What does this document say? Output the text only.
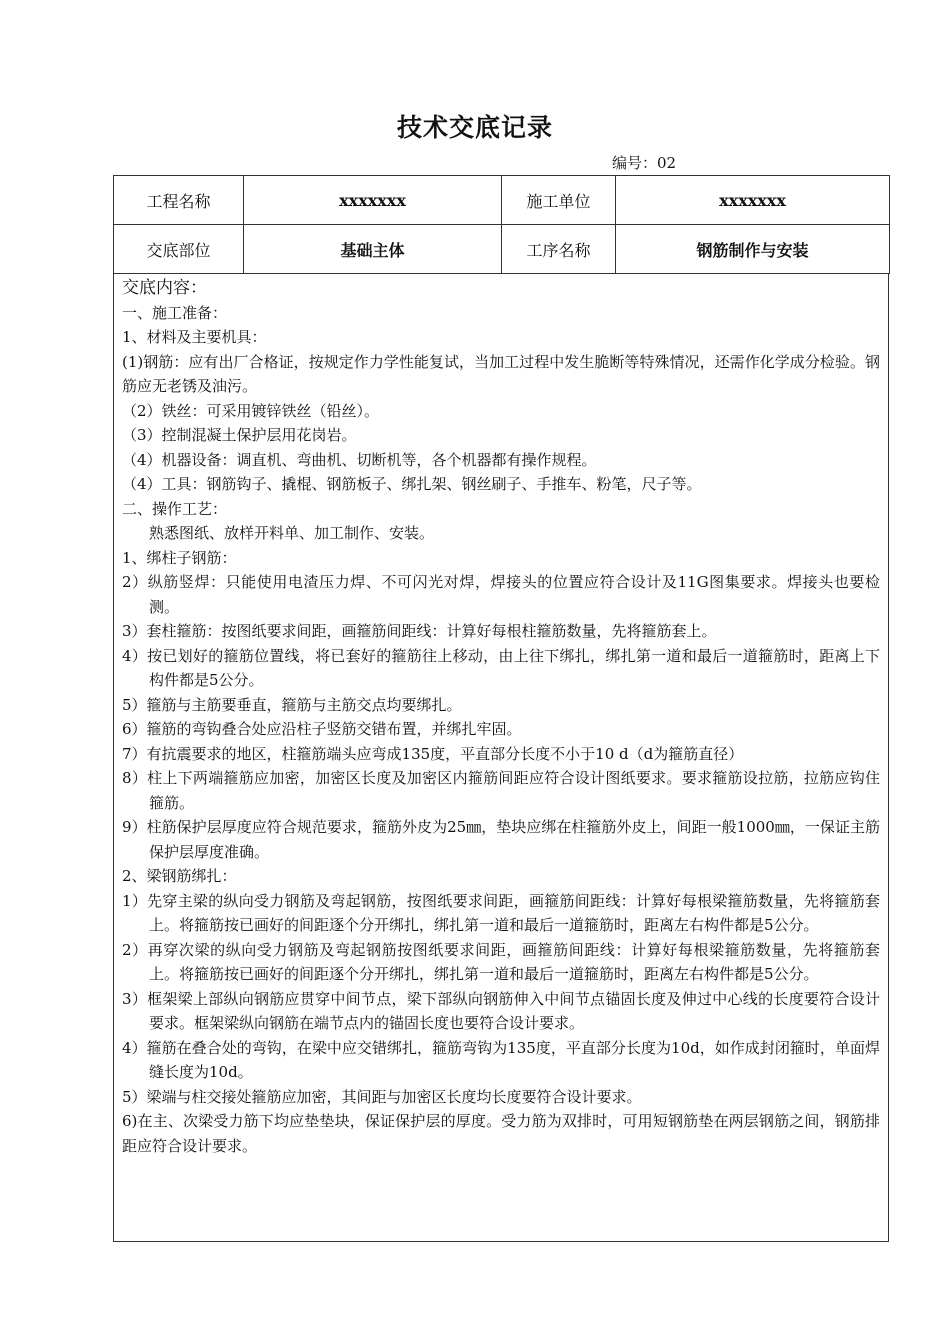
技术交底记录
编号：02
工程名称	xxxxxxx	施工单位	xxxxxxx
交底部位	基础主体	工序名称	钢筋制作与安装

交底内容：

一、施工准备：

1、材料及主要机具：

(1)钢筋：应有出厂合格证，按规定作力学性能复试，当加工过程中发生脆断等特殊情况，还需作化学成分检验。钢筋应无老锈及油污。

（2）铁丝：可采用镀锌铁丝（铅丝）。

（3）控制混凝土保护层用花岗岩。

（4）机器设备：调直机、弯曲机、切断机等，各个机器都有操作规程。

（4）工具：钢筋钩子、撬棍、钢筋板子、绑扎架、钢丝刷子、手推车、粉笔，尺子等。

二、操作工艺：

熟悉图纸、放样开料单、加工制作、安装。

1、绑柱子钢筋：

2）纵筋竖焊：只能使用电渣压力焊、不可闪光对焊，焊接头的位置应符合设计及11G图集要求。焊接头也要检测。

3）套柱箍筋：按图纸要求间距，画箍筋间距线：计算好每根柱箍筋数量，先将箍筋套上。

4）按已划好的箍筋位置线，将已套好的箍筋往上移动，由上往下绑扎，绑扎第一道和最后一道箍筋时，距离上下构件都是5公分。

5）箍筋与主筋要垂直，箍筋与主筋交点均要绑扎。

6）箍筋的弯钩叠合处应沿柱子竖筋交错布置，并绑扎牢固。

7）有抗震要求的地区，柱箍筋端头应弯成135度，平直部分长度不小于10 d（d为箍筋直径）

8）柱上下两端箍筋应加密，加密区长度及加密区内箍筋间距应符合设计图纸要求。要求箍筋设拉筋，拉筋应钩住箍筋。

9）柱筋保护层厚度应符合规范要求，箍筋外皮为25㎜，垫块应绑在柱箍筋外皮上，间距一般1000㎜，一保证主筋保护层厚度准确。

2、梁钢筋绑扎：

1）先穿主梁的纵向受力钢筋及弯起钢筋，按图纸要求间距，画箍筋间距线：计算好每根梁箍筋数量，先将箍筋套上。将箍筋按已画好的间距逐个分开绑扎，绑扎第一道和最后一道箍筋时，距离左右构件都是5公分。

2）再穿次梁的纵向受力钢筋及弯起钢筋按图纸要求间距，画箍筋间距线：计算好每根梁箍筋数量，先将箍筋套上。将箍筋按已画好的间距逐个分开绑扎，绑扎第一道和最后一道箍筋时，距离左右构件都是5公分。

3）框架梁上部纵向钢筋应贯穿中间节点，梁下部纵向钢筋伸入中间节点锚固长度及伸过中心线的长度要符合设计要求。框架梁纵向钢筋在端节点内的锚固长度也要符合设计要求。

4）箍筋在叠合处的弯钩，在梁中应交错绑扎，箍筋弯钩为135度，平直部分长度为10d，如作成封闭箍时，单面焊缝长度为10d。

5）梁端与柱交接处箍筋应加密，其间距与加密区长度均长度要符合设计要求。

6)在主、次梁受力筋下均应垫垫块，保证保护层的厚度。受力筋为双排时，可用短钢筋垫在两层钢筋之间，钢筋排距应符合设计要求。
